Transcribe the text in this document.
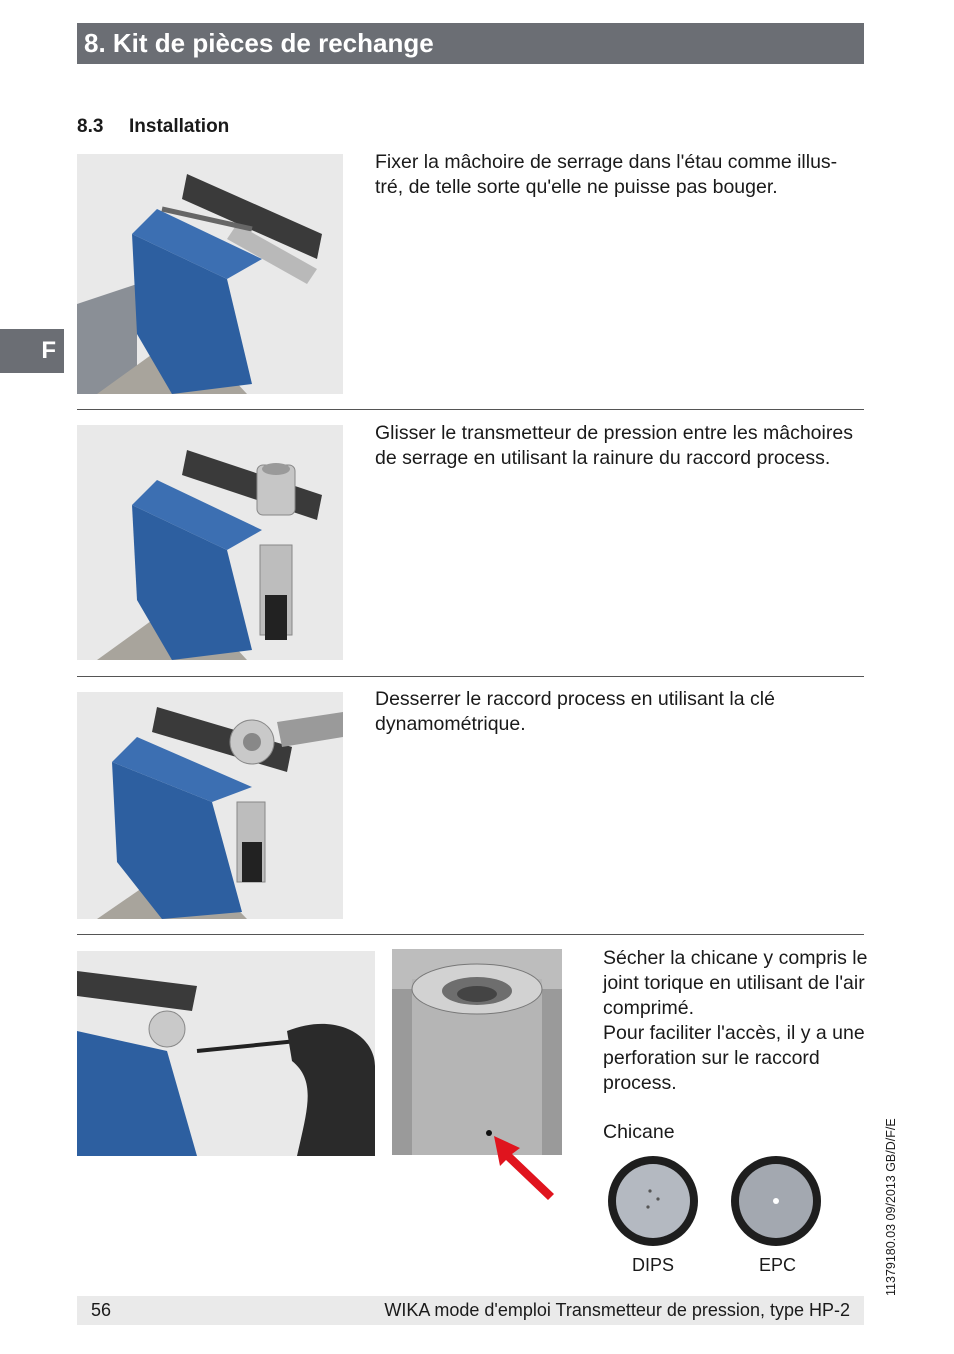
8. Kit de pièces de rechange
8.3 Installation
F

Fixer la mâchoire de serrage dans l'étau comme illus-tré, de telle sorte qu'elle ne puisse pas bouger.

Glisser le transmetteur de pression entre les mâchoires de serrage en utilisant la rainure du raccord process.

Desserrer le raccord process en utilisant la clé dynamométrique.

Sécher la chicane y compris le joint torique en utilisant de l'air comprimé.
Pour faciliter l'accès, il y a une perforation sur le raccord process.

Chicane
DIPS	EPC	11379180.03 09/2013 GB/D/F/E
56	WIKA mode d'emploi Transmetteur de pression, type HP-2
